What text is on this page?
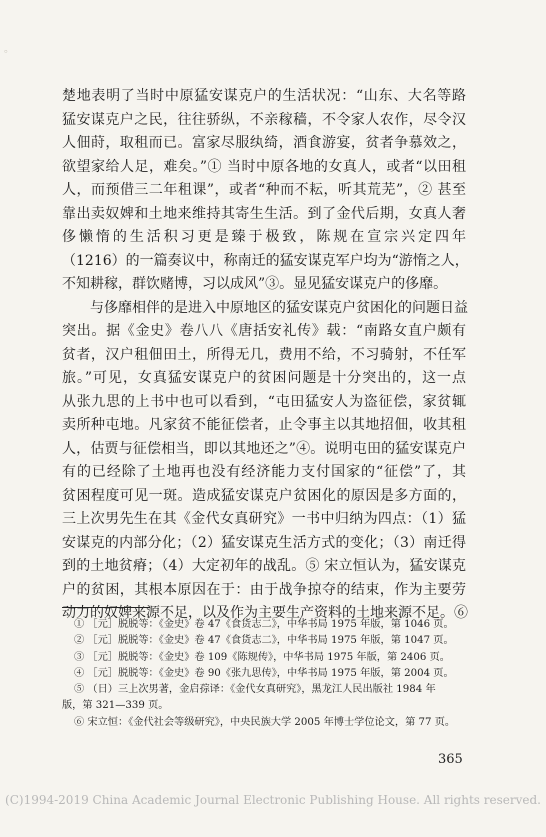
楚地表明了当时中原猛安谋克户的生活状况：“山东、大名等路
猛安谋克户之民，往往骄纵，不亲稼穑，不令家人农作，尽令汉
人佃莳，取租而已。富家尽服纨绮，酒食游宴，贫者争慕效之，
欲望家给人足，难矣。”① 当时中原各地的女真人，或者“以田租
人，而预借三二年租课”，或者“种而不耘，听其荒芜”，② 甚至
靠出卖奴婢和土地来维持其寄生生活。到了金代后期，女真人奢
侈懒惰的生活积习更是臻于极致，陈规在宣宗兴定四年
（1216）的一篇奏议中，称南迁的猛安谋克军户均为“游惰之人，
不知耕稼，群饮赌博，习以成风”③。显见猛安谋克户的侈靡。
与侈靡相伴的是进入中原地区的猛安谋克户贫困化的问题日益
突出。据《金史》卷八八《唐括安礼传》载：“南路女直户颇有
贫者，汉户租佃田土，所得无几，费用不给，不习骑射，不任军
旅。”可见，女真猛安谋克户的贫困问题是十分突出的，这一点
从张九思的上书中也可以看到，“屯田猛安人为盗征偿，家贫辄
卖所种屯地。凡家贫不能征偿者，止令事主以其地招佃，收其租
人，估贾与征偿相当，即以其地还之”④。说明屯田的猛安谋克户
有的已经除了土地再也没有经济能力支付国家的“征偿”了，其
贫困程度可见一斑。造成猛安谋克户贫困化的原因是多方面的，
三上次男先生在其《金代女真研究》一书中归纳为四点：（1）猛
安谋克的内部分化；（2）猛安谋克生活方式的变化；（3）南迁得
到的土地贫瘠；（4）大定初年的战乱。⑤ 宋立恒认为，猛安谋克
户的贫困，其根本原因在于：由于战争掠夺的结束，作为主要劳
动力的奴婢来源不足，以及作为主要生产资料的土地来源不足。⑥
① ［元］脱脱等：《金史》卷 47《食货志二》，中华书局 1975 年版，第 1046 页。
② ［元］脱脱等：《金史》卷 47《食货志二》，中华书局 1975 年版，第 1047 页。
③ ［元］脱脱等：《金史》卷 109《陈规传》，中华书局 1975 年版，第 2406 页。
④ ［元］脱脱等：《金史》卷 90《张九思传》，中华书局 1975 年版，第 2004 页。
⑤ （日）三上次男著，金启孮译：《金代女真研究》，黑龙江人民出版社 1984 年
版，第 321—339 页。
⑥ 宋立恒：《金代社会等级研究》，中央民族大学 2005 年博士学位论文，第 77 页。
365
(C)1994-2019 China Academic Journal Electronic Publishing House. All rights reserved.
。
